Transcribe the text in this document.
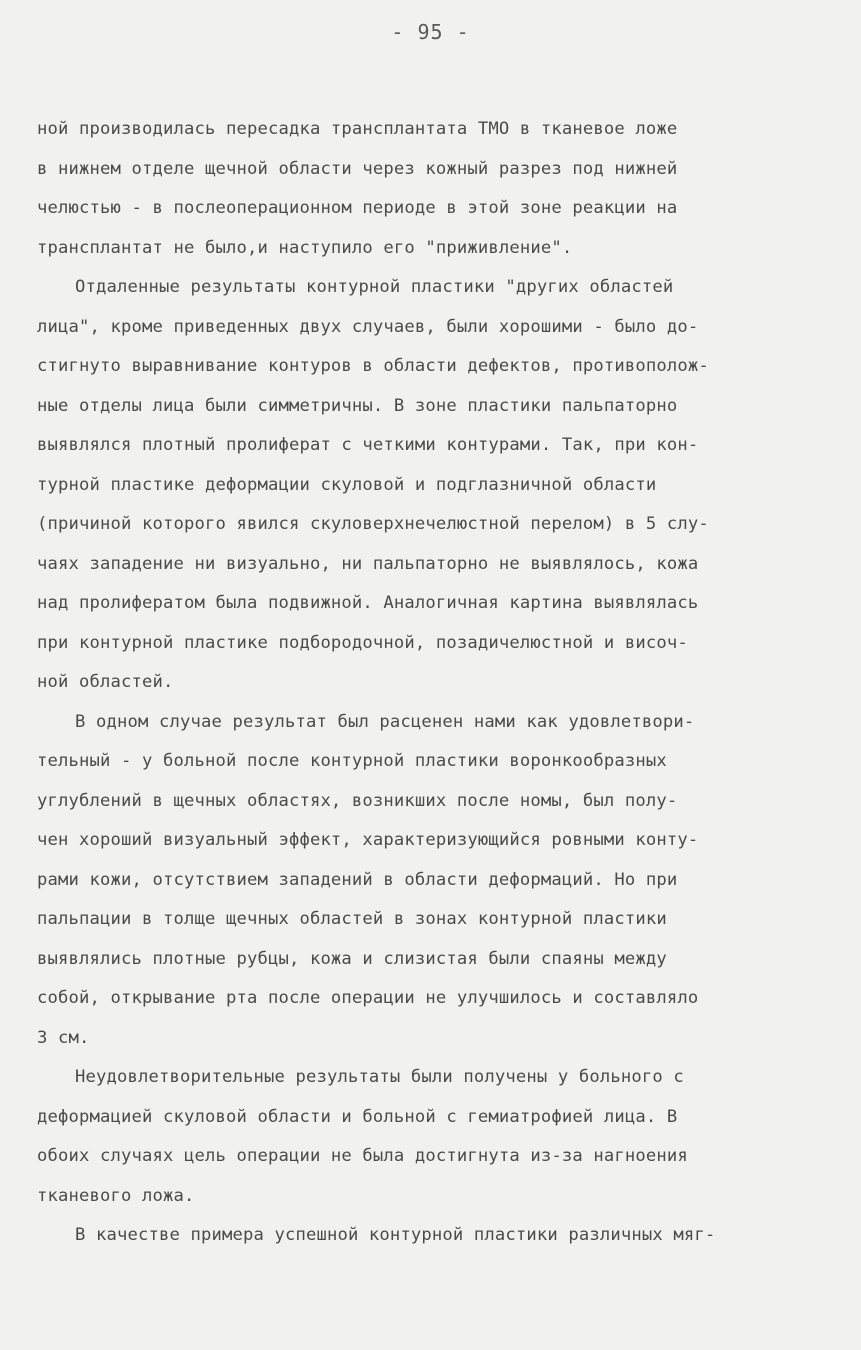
- 95 -
ной производилась пересадка трансплантата ТМО в тканевое ложе
в нижнем отделе щечной области через кожный разрез под нижней
челюстью - в послеоперационном периоде в этой зоне реакции на
трансплантат не было,и наступило его "приживление".
Отдаленные результаты контурной пластики "других областей
лица", кроме приведенных двух случаев, были хорошими - было до-
стигнуто выравнивание контуров в области дефектов, противополож-
ные отделы лица были симметричны. В зоне пластики пальпаторно
выявлялся плотный пролиферат с четкими контурами. Так, при кон-
турной пластике деформации скуловой и подглазничной области
(причиной которого явился скуловерхнечелюстной перелом) в 5 слу-
чаях западение ни визуально, ни пальпаторно не выявлялось, кожа
над пролифератом была подвижной. Аналогичная картина выявлялась
при контурной пластике подбородочной, позадичелюстной и височ-
ной областей.
В одном случае результат был расценен нами как удовлетвори-
тельный - у больной после контурной пластики воронкообразных
углублений в щечных областях, возникших после номы, был полу-
чен хороший визуальный эффект, характеризующийся ровными конту-
рами кожи, отсутствием западений в области деформаций. Но при
пальпации в толще щечных областей в зонах контурной пластики
выявлялись плотные рубцы, кожа и слизистая были спаяны между
собой, открывание рта после операции не улучшилось и составляло
3 см.
Неудовлетворительные результаты были получены у больного с
деформацией скуловой области и больной с гемиатрофией лица. В
обоих случаях цель операции не была достигнута из-за нагноения
тканевого ложа.
В качестве примера успешной контурной пластики различных мяг-
